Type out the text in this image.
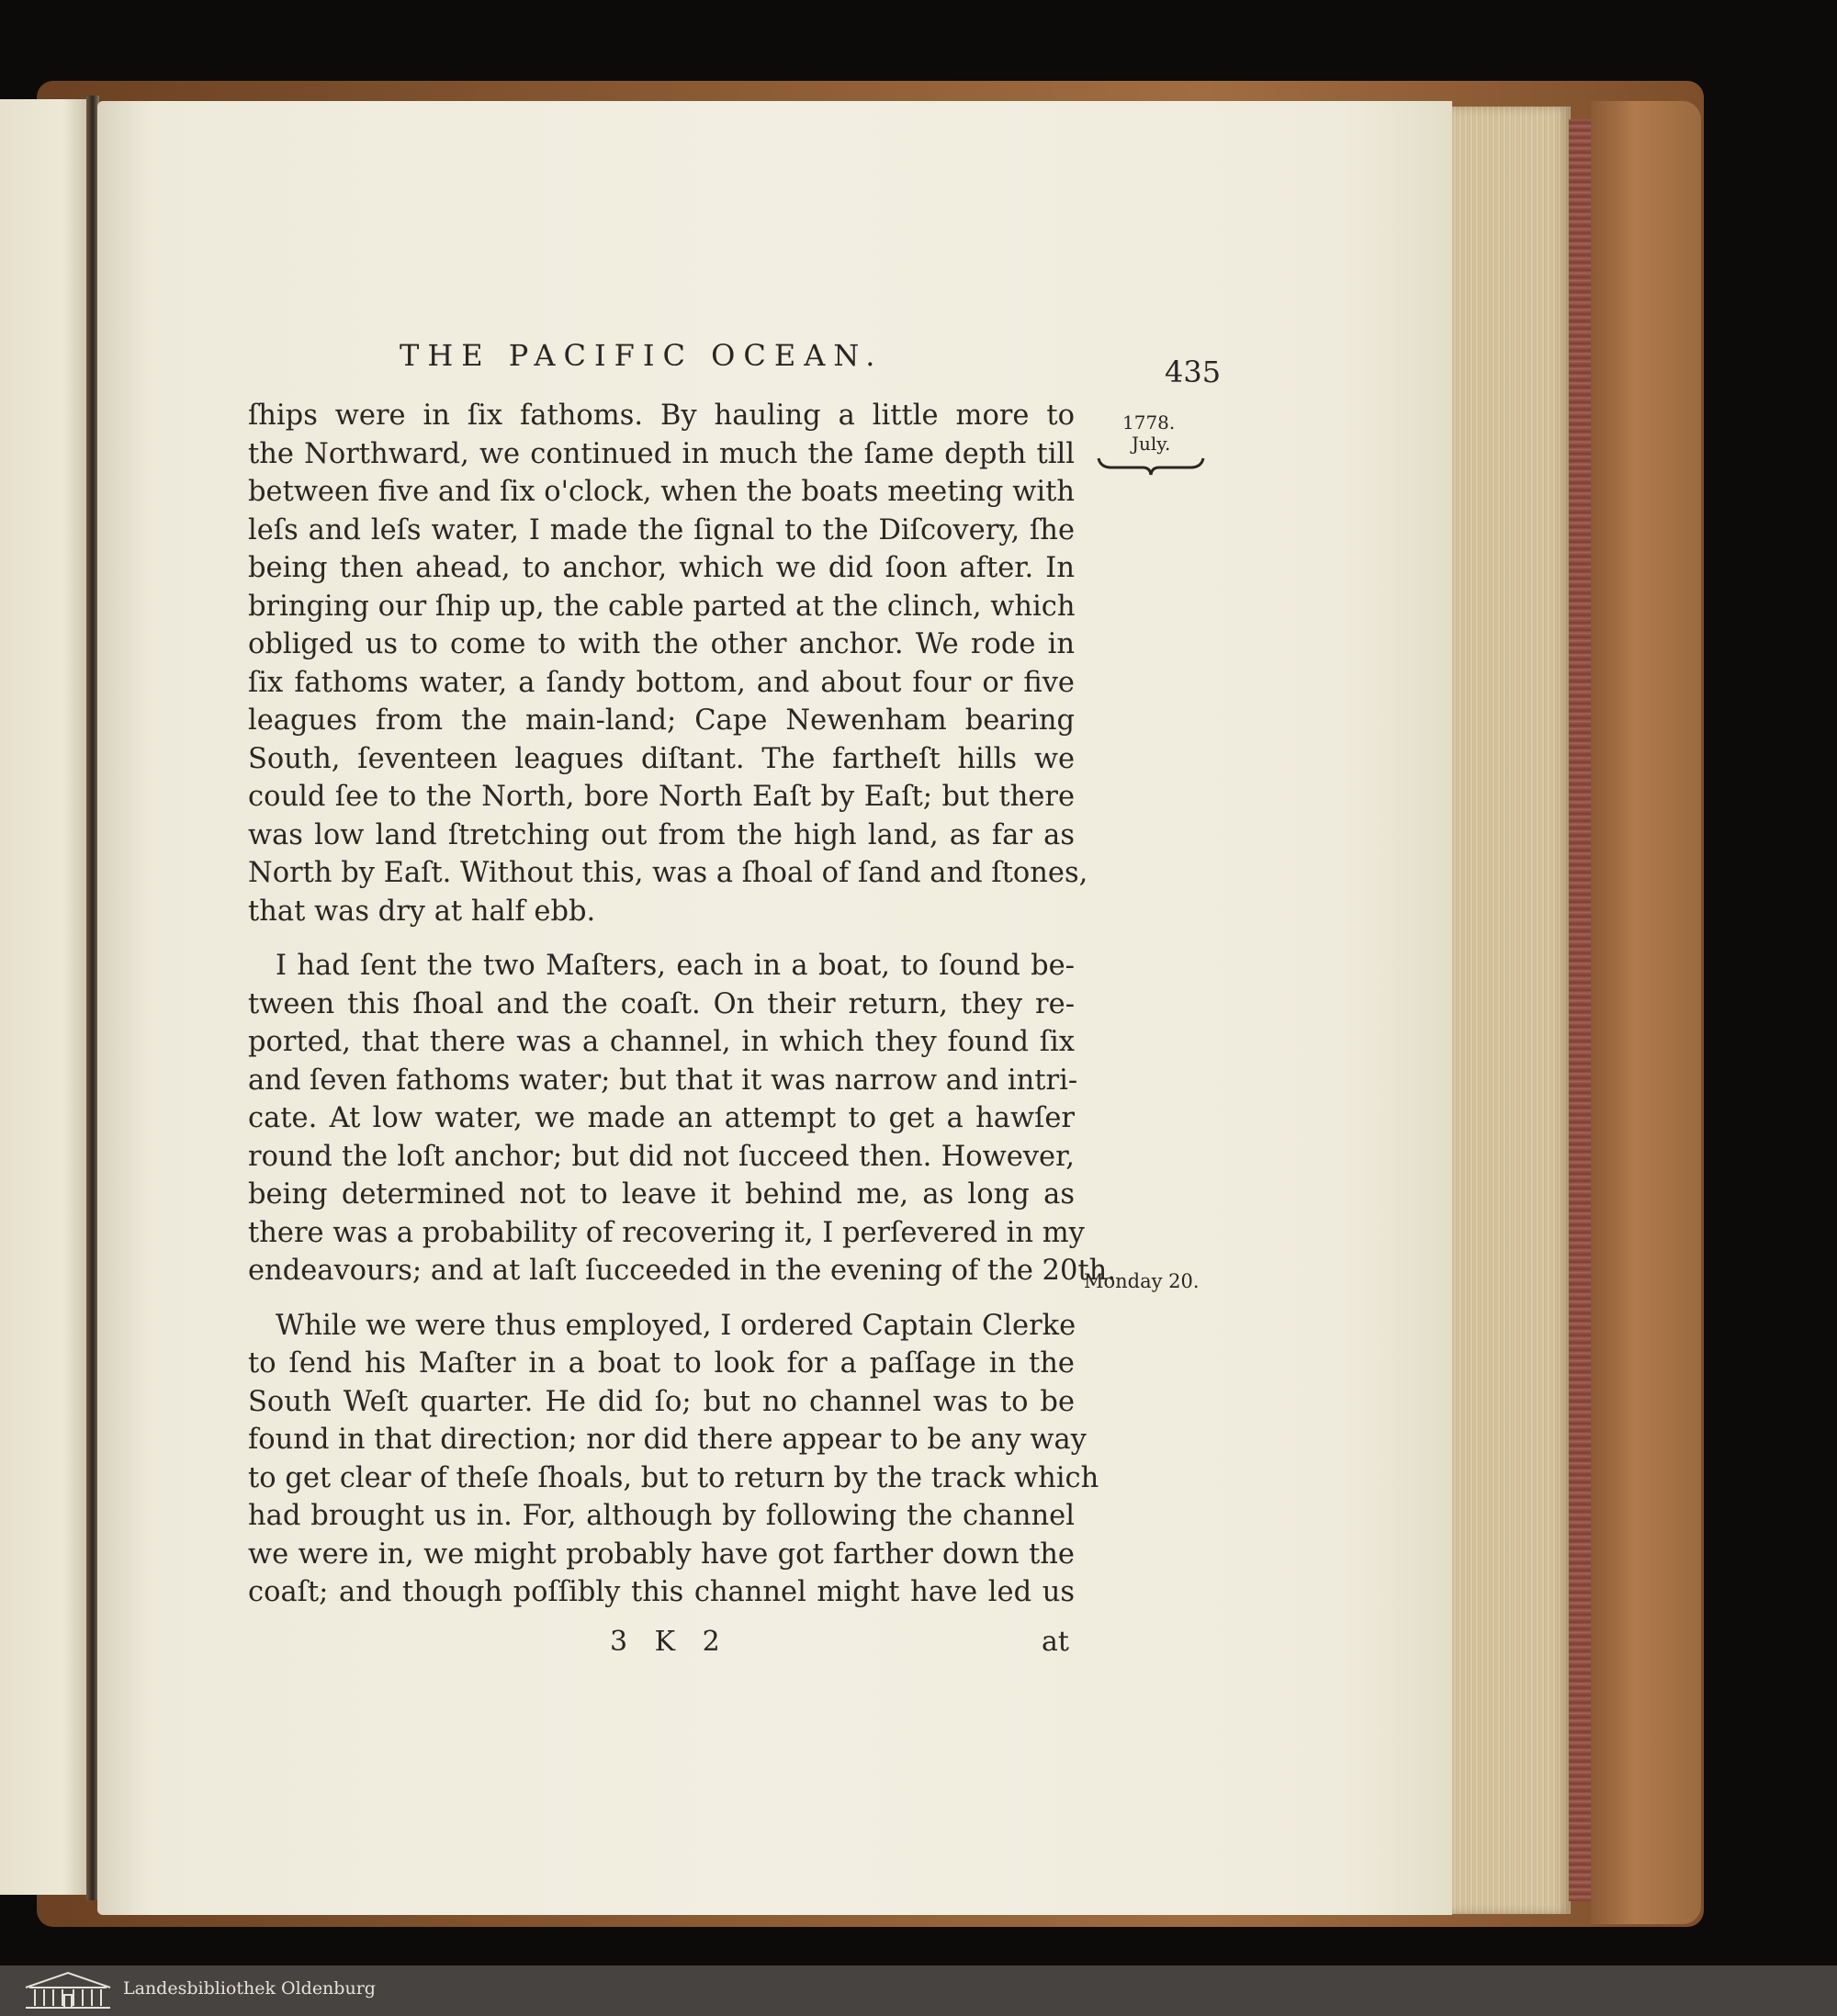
THE PACIFIC OCEAN.	435
1778.
July.
ſhips were in ſix fathoms. By hauling a little more to
the Northward, we continued in much the ſame depth till
between five and ſix o'clock, when the boats meeting with
leſs and leſs water, I made the ſignal to the Diſcovery, ſhe
being then ahead, to anchor, which we did ſoon after. In
bringing our ſhip up, the cable parted at the clinch, which
obliged us to come to with the other anchor. We rode in
ſix fathoms water, a ſandy bottom, and about four or five
leagues from the main-land; Cape Newenham bearing
South, ſeventeen leagues diſtant. The fartheſt hills we
could ſee to the North, bore North Eaſt by Eaſt; but there
was low land ſtretching out from the high land, as far as
North by Eaſt. Without this, was a ſhoal of ſand and ſtones,
that was dry at half ebb.
I had ſent the two Maſters, each in a boat, to ſound be-
tween this ſhoal and the coaſt. On their return, they re-
ported, that there was a channel, in which they found ſix
and ſeven fathoms water; but that it was narrow and intri-
cate. At low water, we made an attempt to get a hawſer
round the loſt anchor; but did not ſucceed then. However,
being determined not to leave it behind me, as long as
there was a probability of recovering it, I perſevered in my
endeavours; and at laſt ſucceeded in the evening of the 20th.
While we were thus employed, I ordered Captain Clerke
to ſend his Maſter in a boat to look for a paſſage in the
South Weſt quarter. He did ſo; but no channel was to be
found in that direction; nor did there appear to be any way
to get clear of theſe ſhoals, but to return by the track which
had brought us in. For, although by following the channel
we were in, we might probably have got farther down the
coaſt; and though poſſibly this channel might have led us
Monday 20.
3 K 2	at
Landesbibliothek Oldenburg
